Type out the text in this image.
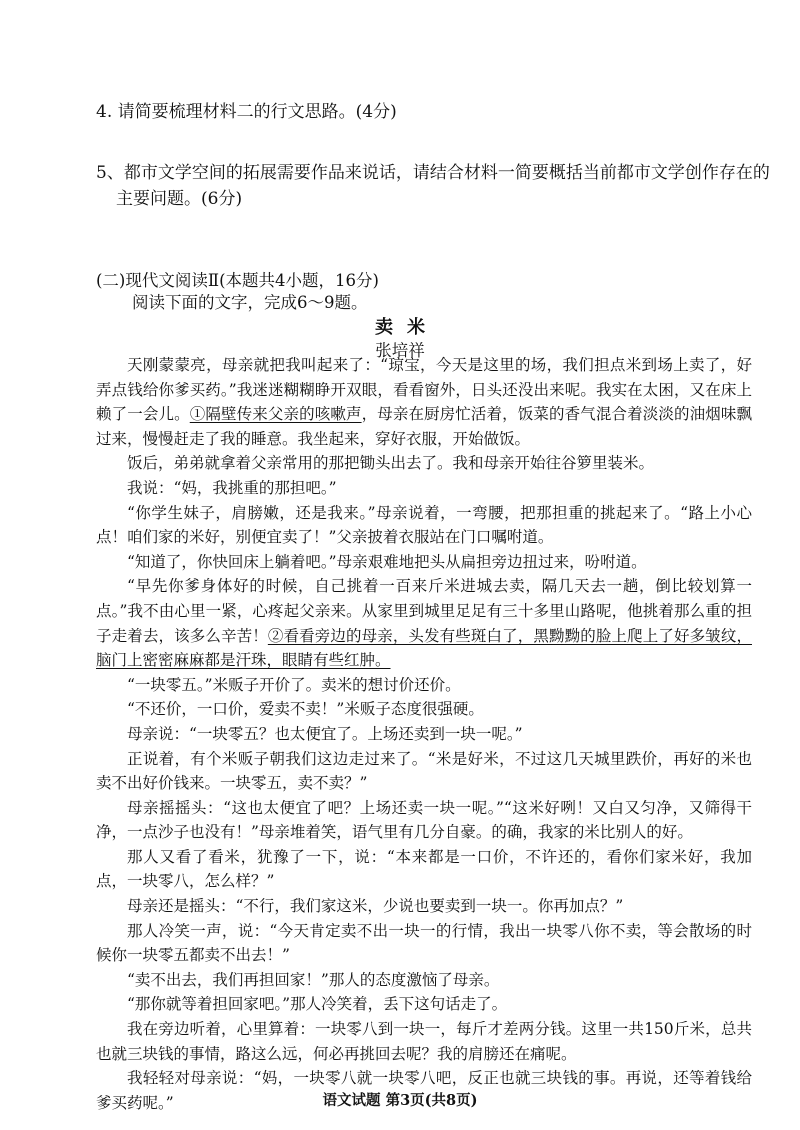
4. 请简要梳理材料二的行文思路。(4分)

5、都市文学空间的拓展需要作品来说话，请结合材料一简要概括当前都市文学创作存在的主要问题。(6分)

(二)现代文阅读Ⅱ(本题共4小题，16分)

阅读下面的文字，完成6～9题。

卖米

张培祥

天刚蒙蒙亮，母亲就把我叫起来了：“琼宝，今天是这里的场，我们担点米到场上卖了，好弄点钱给你爹买药。”我迷迷糊糊睁开双眼，看看窗外，日头还没出来呢。我实在太困，又在床上赖了一会儿。①隔壁传来父亲的咳嗽声，母亲在厨房忙活着，饭菜的香气混合着淡淡的油烟味飘过来，慢慢赶走了我的睡意。我坐起来，穿好衣服，开始做饭。

饭后，弟弟就拿着父亲常用的那把锄头出去了。我和母亲开始往谷箩里装米。

我说：“妈，我挑重的那担吧。”

“你学生妹子，肩膀嫩，还是我来。”母亲说着，一弯腰，把那担重的挑起来了。“路上小心点！咱们家的米好，别便宜卖了！”父亲披着衣服站在门口嘱咐道。

“知道了，你快回床上躺着吧。”母亲艰难地把头从扁担旁边扭过来，吩咐道。

“早先你爹身体好的时候，自己挑着一百来斤米进城去卖，隔几天去一趟，倒比较划算一点。”我不由心里一紧，心疼起父亲来。从家里到城里足足有三十多里山路呢，他挑着那么重的担子走着去，该多么辛苦！②看看旁边的母亲，头发有些斑白了，黑黝黝的脸上爬上了好多皱纹，脑门上密密麻麻都是汗珠，眼睛有些红肿。

“一块零五。”米贩子开价了。卖米的想讨价还价。

“不还价，一口价，爱卖不卖！”米贩子态度很强硬。

母亲说：“一块零五？也太便宜了。上场还卖到一块一呢。”

正说着，有个米贩子朝我们这边走过来了。“米是好米，不过这几天城里跌价，再好的米也卖不出好价钱来。一块零五，卖不卖？”

母亲摇摇头：“这也太便宜了吧？上场还卖一块一呢。”“这米好咧！又白又匀净，又筛得干净，一点沙子也没有！”母亲堆着笑，语气里有几分自豪。的确，我家的米比别人的好。

那人又看了看米，犹豫了一下，说：“本来都是一口价，不许还的，看你们家米好，我加点，一块零八，怎么样？”

母亲还是摇头：“不行，我们家这米，少说也要卖到一块一。你再加点？”

那人冷笑一声，说：“今天肯定卖不出一块一的行情，我出一块零八你不卖，等会散场的时候你一块零五都卖不出去！”

“卖不出去，我们再担回家！”那人的态度激恼了母亲。

“那你就等着担回家吧。”那人冷笑着，丢下这句话走了。

我在旁边听着，心里算着：一块零八到一块一，每斤才差两分钱。这里一共150斤米，总共也就三块钱的事情，路这么远，何必再挑回去呢？我的肩膀还在痛呢。

我轻轻对母亲说：“妈，一块零八就一块零八吧，反正也就三块钱的事。再说，还等着钱给爹买药呢。”	语文试题 第3页(共8页)
